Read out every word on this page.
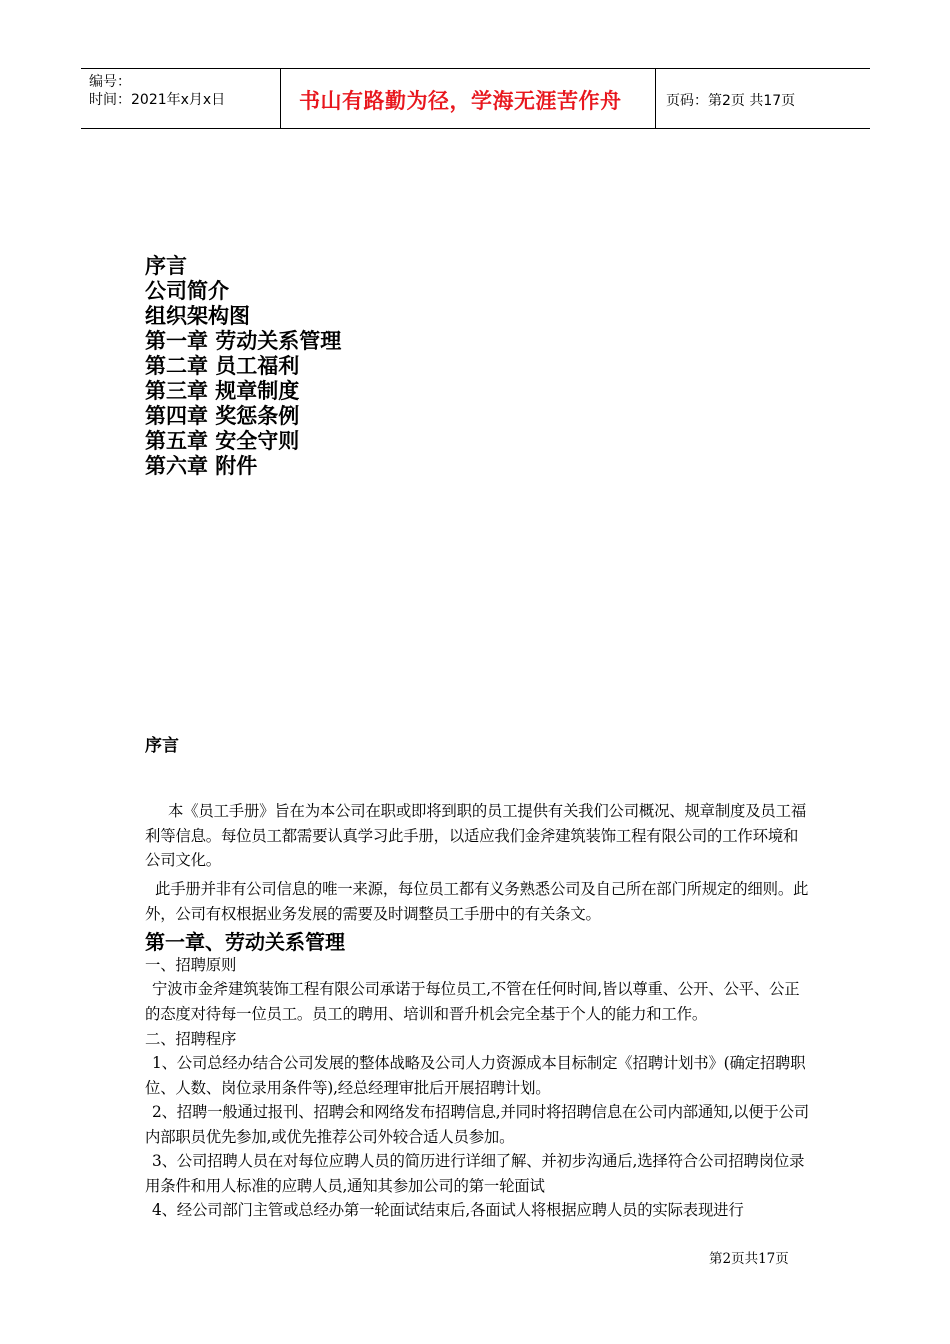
编号：
时间：2021年x月x日	书山有路勤为径，学海无涯苦作舟	页码：第2页 共17页
序言
公司简介
组织架构图
第一章 劳动关系管理
第二章 员工福利
第三章 规章制度
第四章 奖惩条例
第五章 安全守则
第六章 附件
序言

本《员工手册》旨在为本公司在职或即将到职的员工提供有关我们公司概况、规章制度及员工福利等信息。每位员工都需要认真学习此手册，以适应我们金斧建筑装饰工程有限公司的工作环境和公司文化。

此手册并非有公司信息的唯一来源，每位员工都有义务熟悉公司及自己所在部门所规定的细则。此外，公司有权根据业务发展的需要及时调整员工手册中的有关条文。

第一章、劳动关系管理
一、招聘原则

宁波市金斧建筑装饰工程有限公司承诺于每位员工,不管在任何时间,皆以尊重、公开、公平、公正的态度对待每一位员工。员工的聘用、培训和晋升机会完全基于个人的能力和工作。

二、招聘程序

1、公司总经办结合公司发展的整体战略及公司人力资源成本目标制定《招聘计划书》(确定招聘职位、人数、岗位录用条件等),经总经理审批后开展招聘计划。

2、招聘一般通过报刊、招聘会和网络发布招聘信息,并同时将招聘信息在公司内部通知,以便于公司内部职员优先参加,或优先推荐公司外较合适人员参加。

3、公司招聘人员在对每位应聘人员的简历进行详细了解、并初步沟通后,选择符合公司招聘岗位录用条件和用人标准的应聘人员,通知其参加公司的第一轮面试

4、经公司部门主管或总经办第一轮面试结束后,各面试人将根据应聘人员的实际表现进行

第2页共17页
